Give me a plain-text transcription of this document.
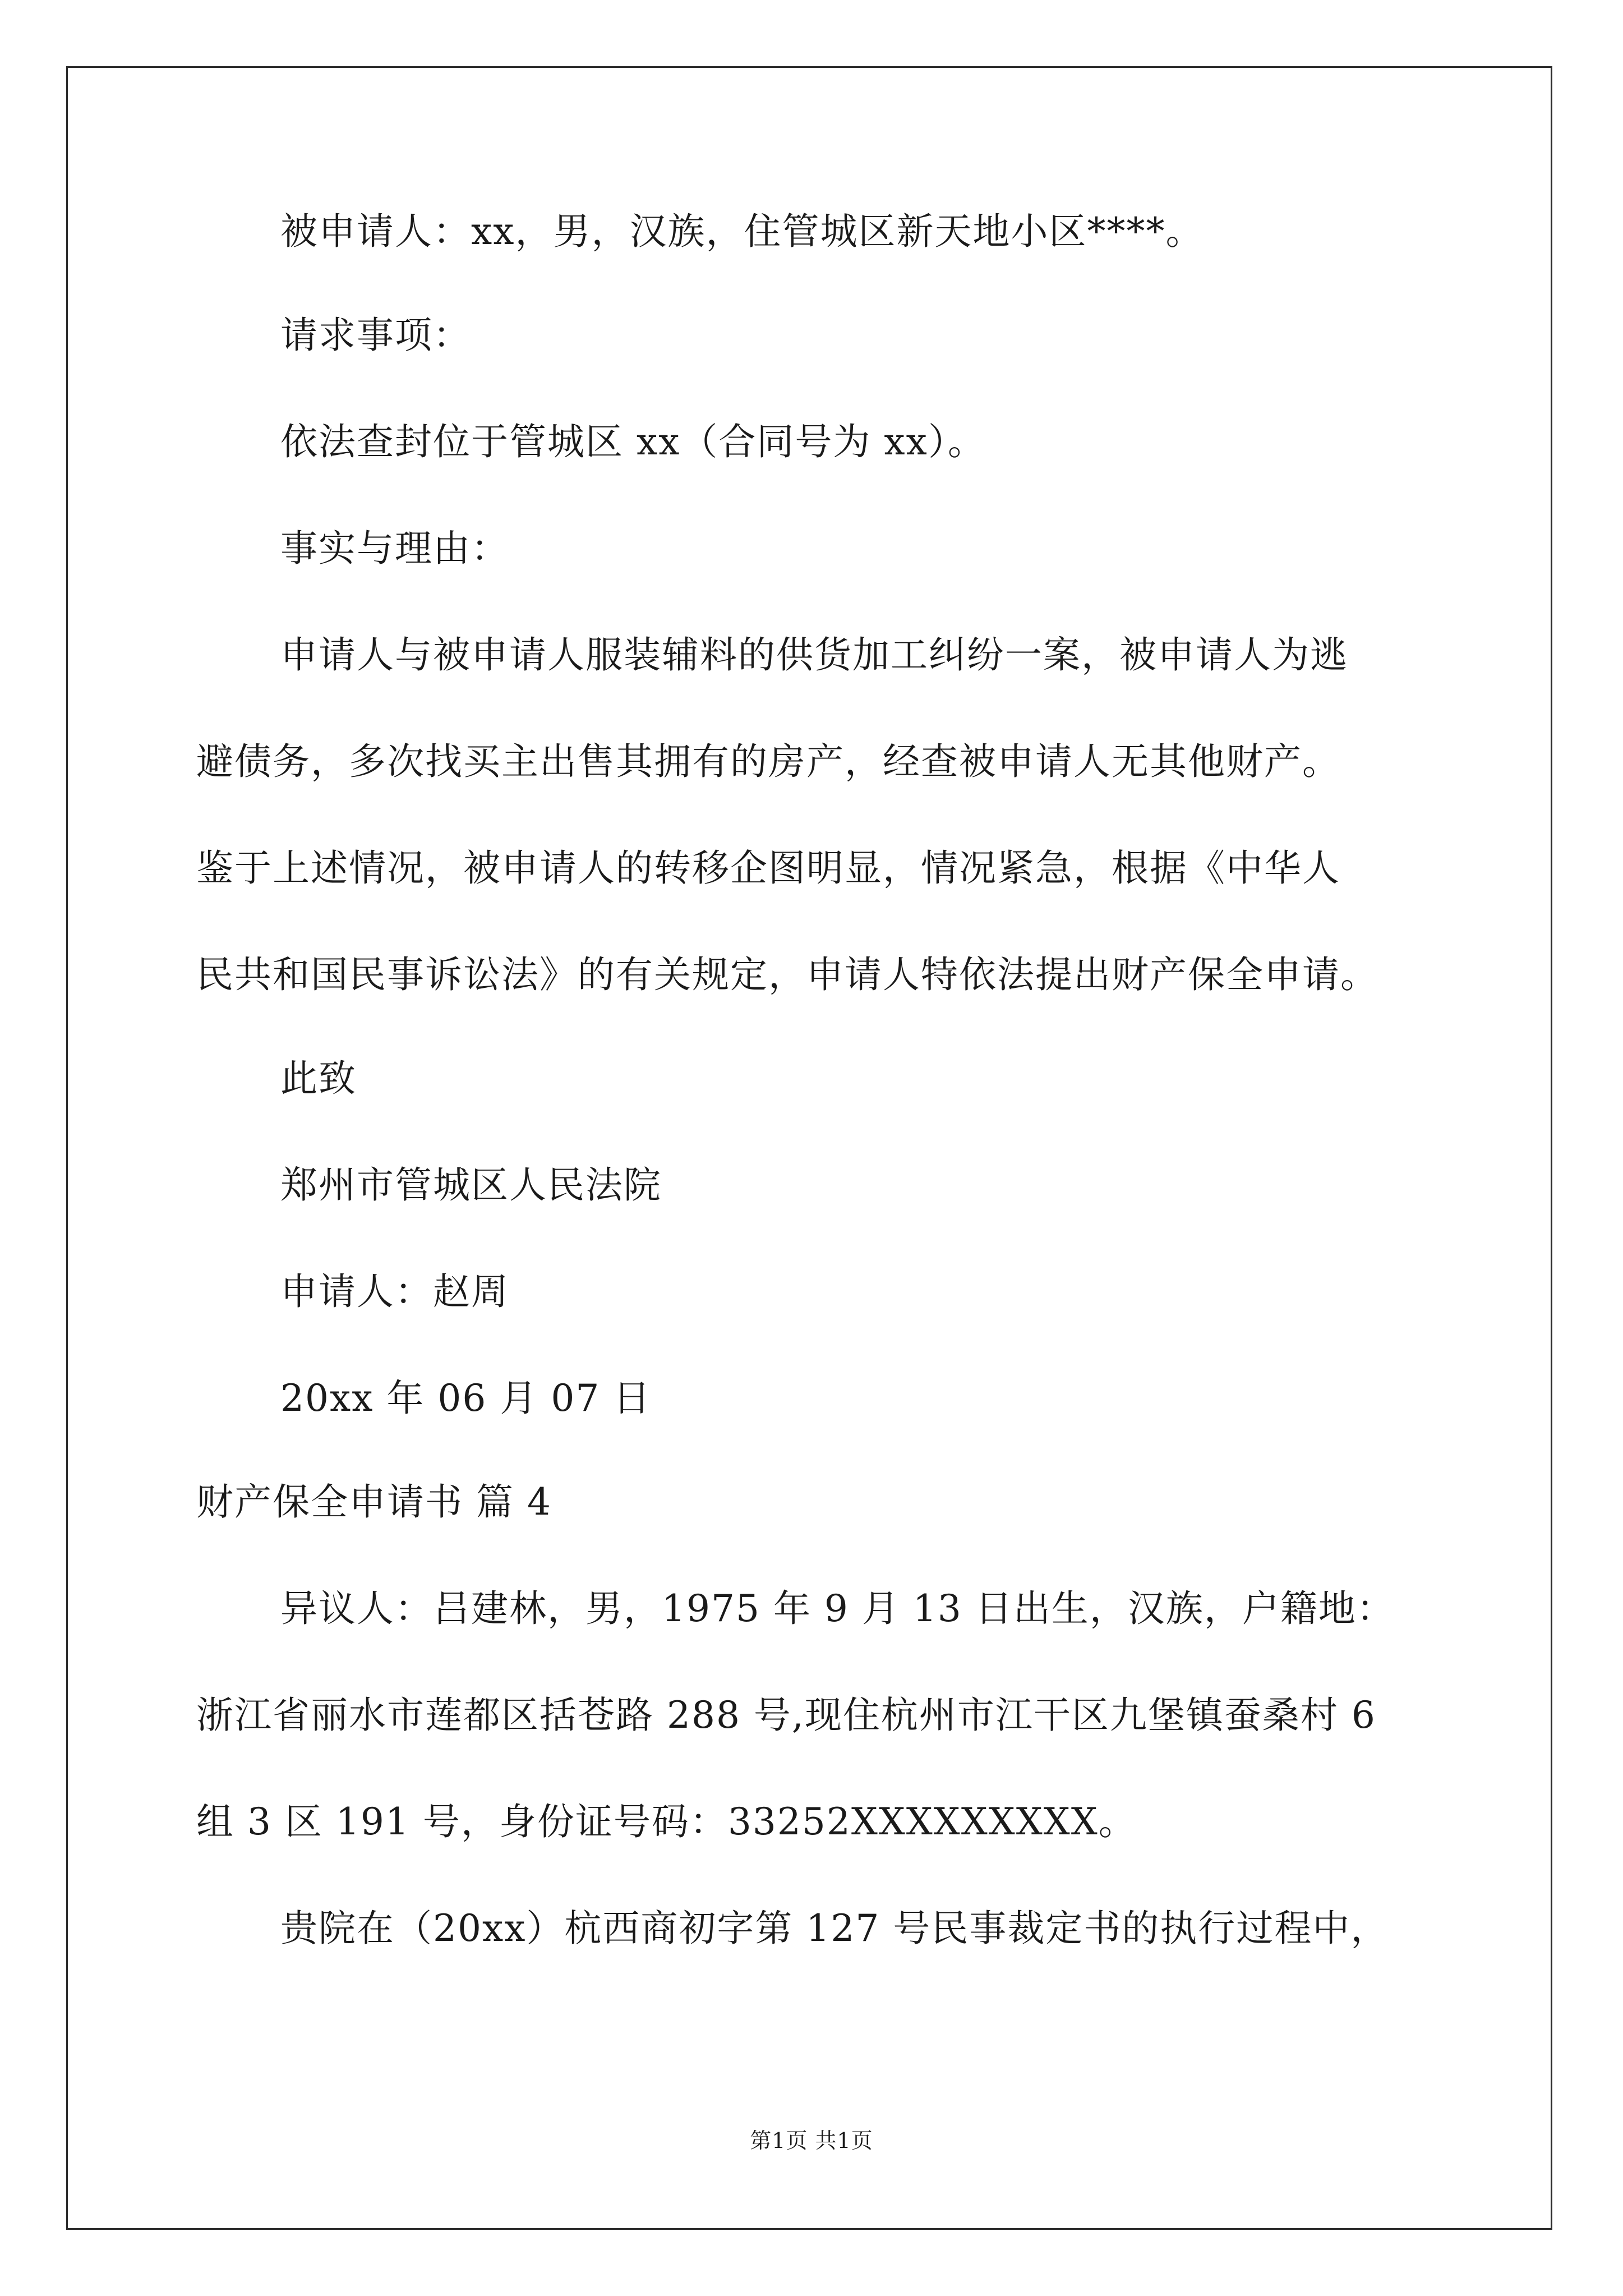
被申请人：xx，男，汉族，住管城区新天地小区****。
请求事项：
依法查封位于管城区 xx（合同号为 xx）。
事实与理由：
申请人与被申请人服装辅料的供货加工纠纷一案，被申请人为逃
避债务，多次找买主出售其拥有的房产，经查被申请人无其他财产。
鉴于上述情况，被申请人的转移企图明显，情况紧急，根据《中华人
民共和国民事诉讼法》的有关规定，申请人特依法提出财产保全申请。
此致
郑州市管城区人民法院
申请人：赵周
20xx 年 06 月 07 日
财产保全申请书 篇 4
异议人：吕建林，男，1975 年 9 月 13 日出生，汉族，户籍地：
浙江省丽水市莲都区括苍路 288 号,现住杭州市江干区九堡镇蚕桑村 6
组 3 区 191 号，身份证号码：33252XXXXXXXXX。
贵院在（20xx）杭西商初字第 127 号民事裁定书的执行过程中，
第1页 共1页
